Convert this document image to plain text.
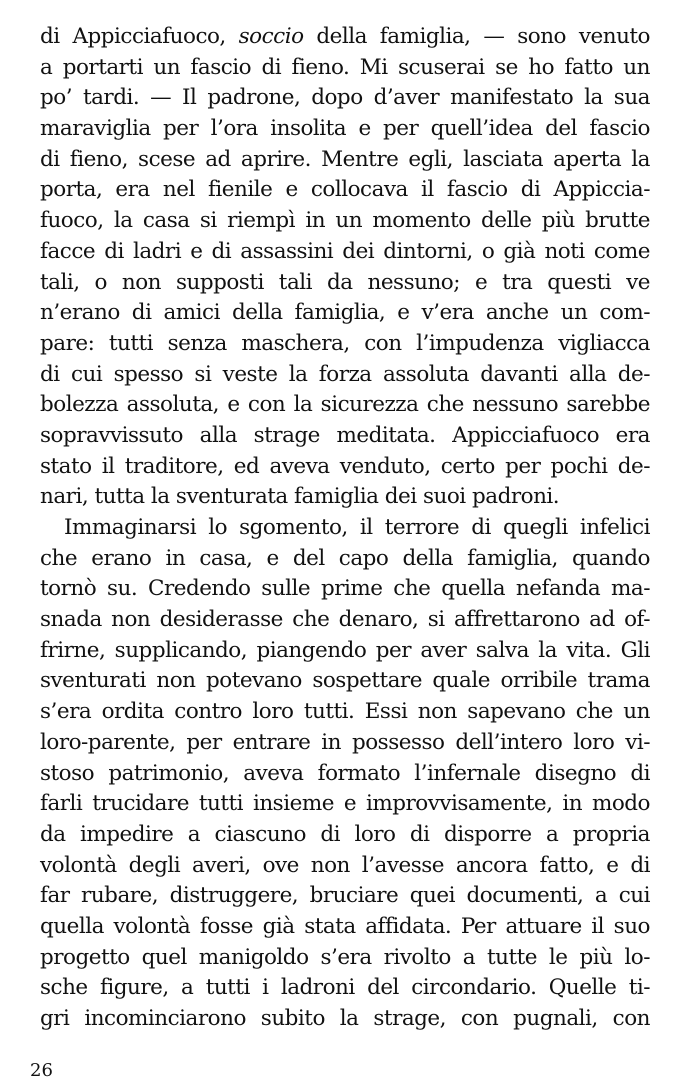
di Appicciafuoco, soccio della famiglia, — sono venuto
a portarti un fascio di fieno. Mi scuserai se ho fatto un
po’ tardi. — Il padrone, dopo d’aver manifestato la sua
maraviglia per l’ora insolita e per quell’idea del fascio
di fieno, scese ad aprire. Mentre egli, lasciata aperta la
porta, era nel fienile e collocava il fascio di Appiccia-
fuoco, la casa si riempì in un momento delle più brutte
facce di ladri e di assassini dei dintorni, o già noti come
tali, o non supposti tali da nessuno; e tra questi ve
n’erano di amici della famiglia, e v’era anche un com-
pare: tutti senza maschera, con l’impudenza vigliacca
di cui spesso si veste la forza assoluta davanti alla de-
bolezza assoluta, e con la sicurezza che nessuno sarebbe
sopravvissuto alla strage meditata. Appicciafuoco era
stato il traditore, ed aveva venduto, certo per pochi de-
nari, tutta la sventurata famiglia dei suoi padroni.
Immaginarsi lo sgomento, il terrore di quegli infelici
che erano in casa, e del capo della famiglia, quando
tornò su. Credendo sulle prime che quella nefanda ma-
snada non desiderasse che denaro, si affrettarono ad of-
frirne, supplicando, piangendo per aver salva la vita. Gli
sventurati non potevano sospettare quale orribile trama
s’era ordita contro loro tutti. Essi non sapevano che un
loro-parente, per entrare in possesso dell’intero loro vi-
stoso patrimonio, aveva formato l’infernale disegno di
farli trucidare tutti insieme e improvvisamente, in modo
da impedire a ciascuno di loro di disporre a propria
volontà degli averi, ove non l’avesse ancora fatto, e di
far rubare, distruggere, bruciare quei documenti, a cui
quella volontà fosse già stata affidata. Per attuare il suo
progetto quel manigoldo s’era rivolto a tutte le più lo-
sche figure, a tutti i ladroni del circondario. Quelle ti-
gri incominciarono subito la strage, con pugnali, con
26
